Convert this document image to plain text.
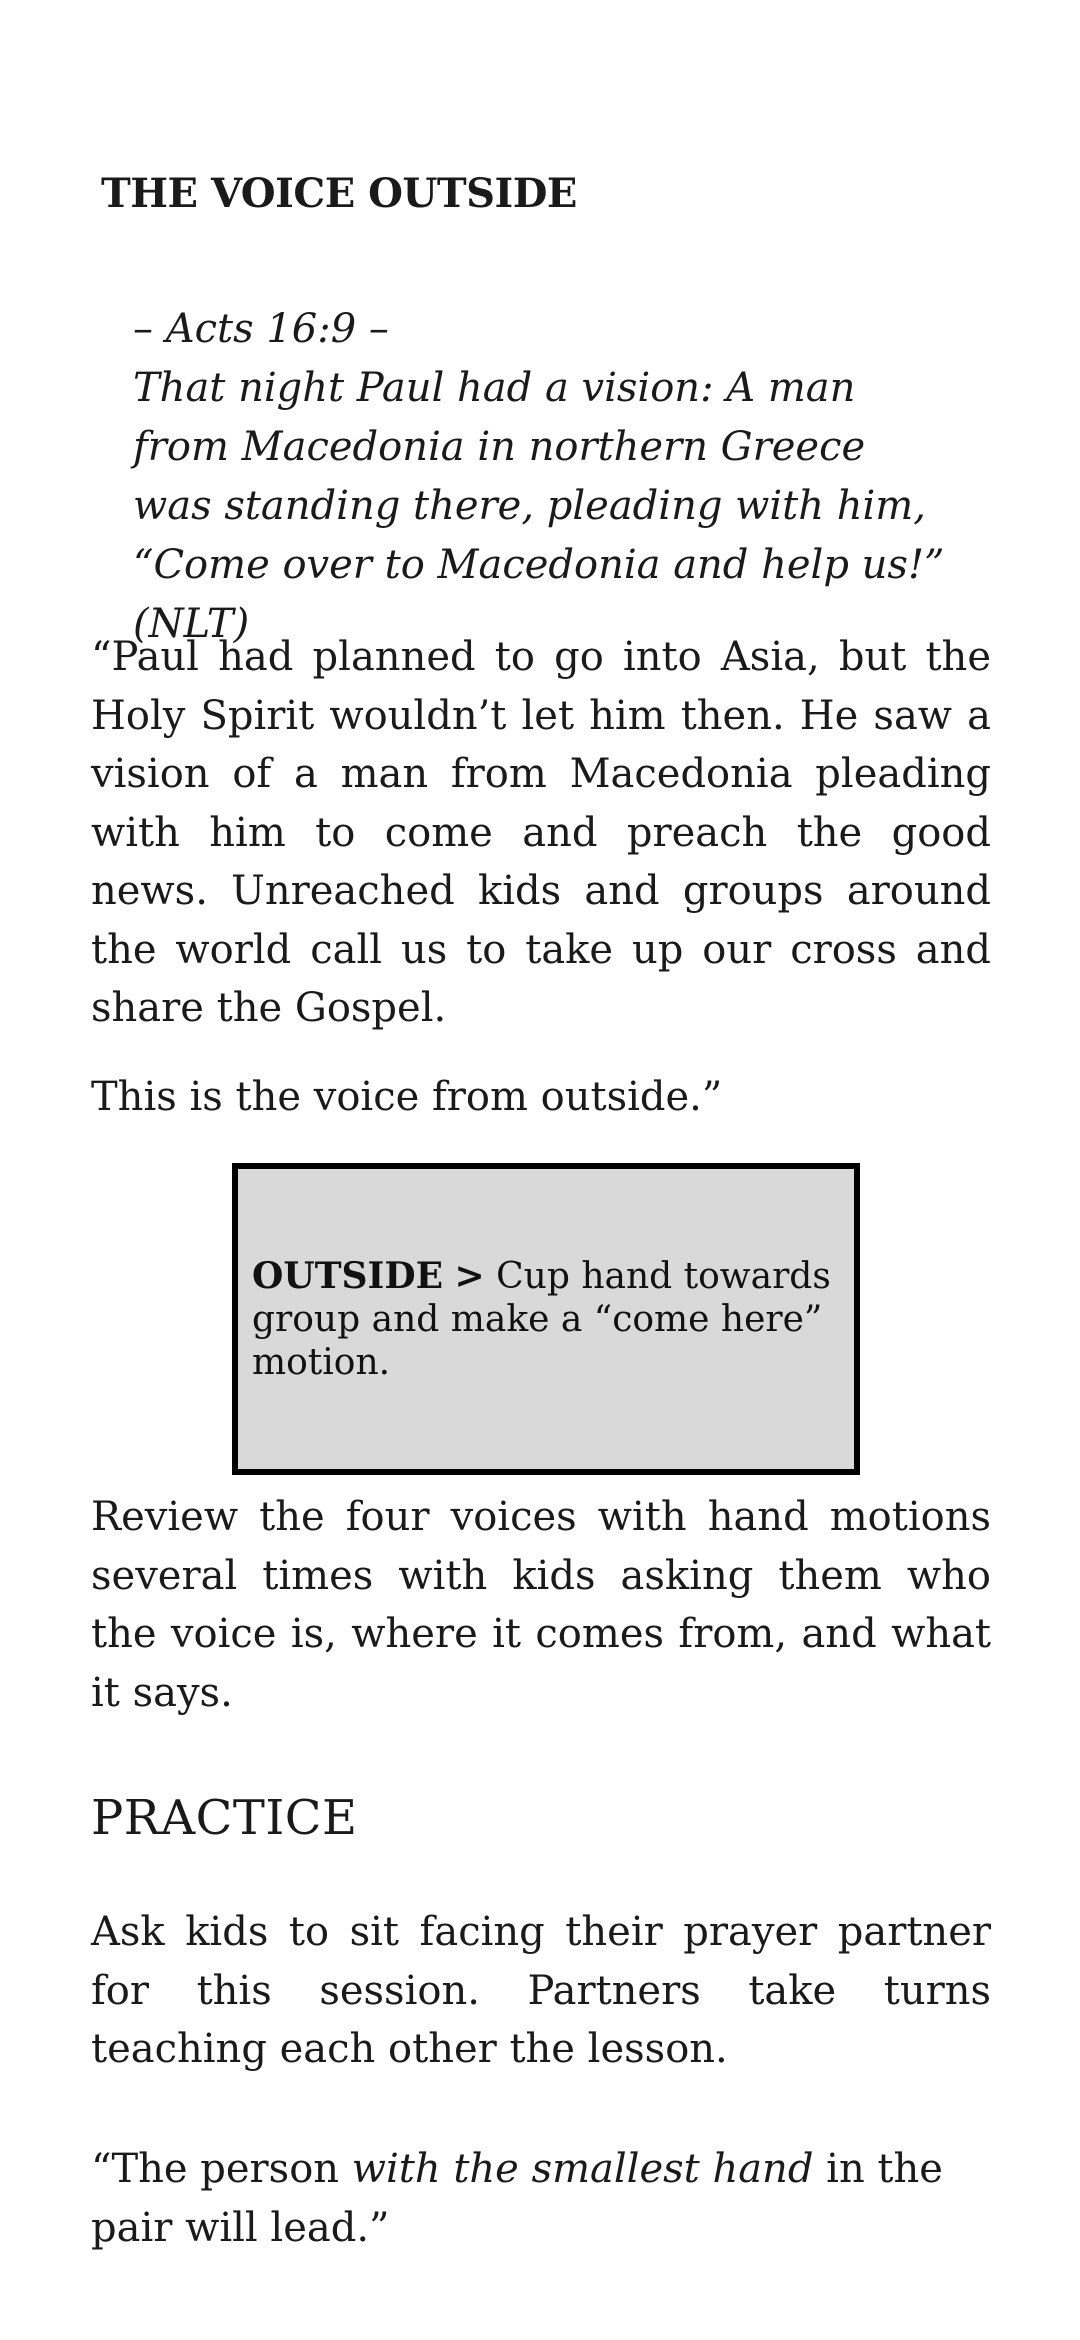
THE VOICE OUTSIDE
– Acts 16:9 –
That night Paul had a vision: A man from Macedonia in northern Greece was standing there, pleading with him, “Come over to Macedonia and help us!” (NLT)

“Paul had planned to go into Asia, but the Holy Spirit wouldn’t let him then. He saw a vision of a man from Macedonia pleading with him to come and preach the good news. Unreached kids and groups around the world call us to take up our cross and share the Gospel.

This is the voice from outside.”

OUTSIDE > Cup hand towards group and make a “come here” motion.

Review the four voices with hand motions several times with kids asking them who the voice is, where it comes from, and what it says.

PRACTICE

Ask kids to sit facing their prayer partner for this session. Partners take turns teaching each other the lesson.

“The person with the smallest hand in the pair will lead.”
